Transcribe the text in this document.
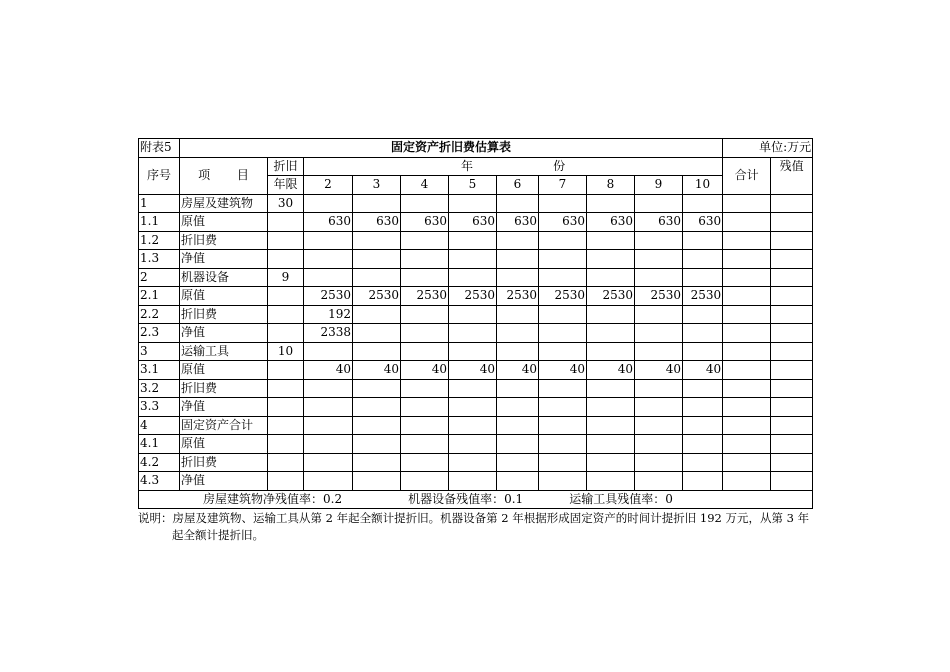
附表5	固定资产折旧费估算表											单位:万元	
序号	项 目	折旧	年 份									合计	残值
		年限	2	3	4	5	6	7	8	9	10		
1	房屋及建筑物	30											
1.1	原值		630	630	630	630	630	630	630	630	630		
1.2	折旧费												
1.3	净值												
2	机器设备	9											
2.1	原值		2530	2530	2530	2530	2530	2530	2530	2530	2530		
2.2	折旧费		192										
2.3	净值		2338										
3	运输工具	10											
3.1	原值		40	40	40	40	40	40	40	40	40		
3.2	折旧费												
3.3	净值												
4	固定资产合计												
4.1	原值												
4.2	折旧费												
4.3	净值												
房屋建筑物净残值率：0.2 机器设备残值率：0.1 运输工具残值率：0													
说明：房屋及建筑物、运输工具从第 2 年起全额计提折旧。机器设备第 2 年根据形成固定资产的时间计提折旧 192 万元，从第 3 年
起全额计提折旧。
